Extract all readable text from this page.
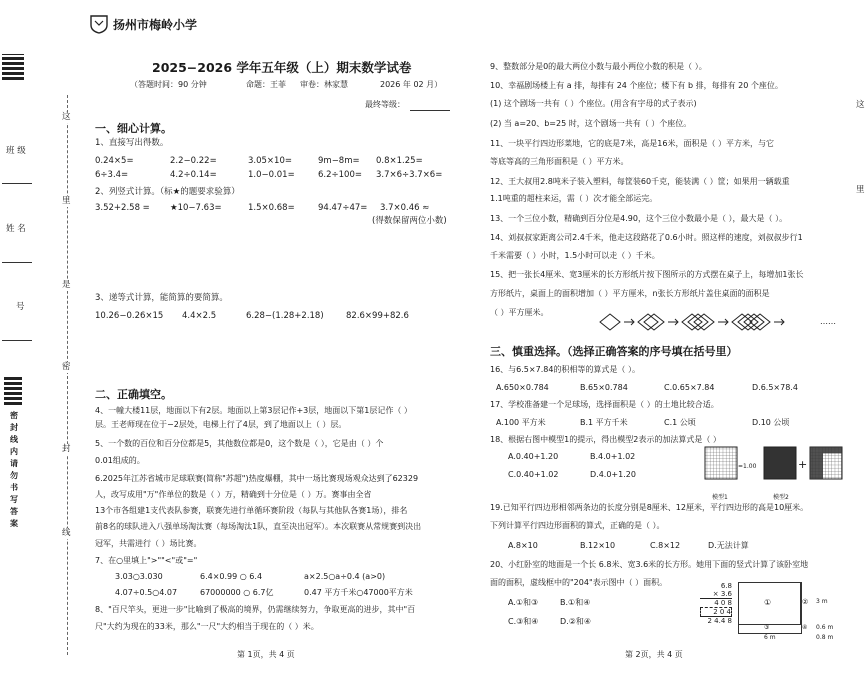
班 级
姓 名
号
密
封
线
内
请
勿
书
写
答
案
这
里
是
密
封
线
扬州市梅岭小学
2025−2026 学年五年级（上）期末数学试卷
（答题时间：90 分钟	命题：王菲 审卷：林家慧	2026 年 02 月）
最终等级：
一、细心计算。
1、直接写出得数。
0.24×5=	2.2−0.22=	3.05×10=	9m−8m= 0.8×1.25=
6÷3.4=	4.2÷0.14=	1.0−0.01=	6.2÷100= 3.7×6÷3.7×6=
2、列竖式计算。（标★的题要求验算）
3.52+2.58 = ★10−7.63=	1.5×0.68=	94.47÷47= 3.7×0.46 ≈
(得数保留两位小数)
3、递等式计算，能简算的要简算。
10.26−0.26×15 4.4×2.5	6.28−(1.28+2.18)	82.6×99+82.6
二、正确填空。
4、一幢大楼11层，地面以下有2层。地面以上第3层记作+3层，地面以下第1层记作（ ）
层。王老师现在位于−2层处，电梯上行了4层，到了地面以上（ ）层。
5、一个数的百位和百分位都是5，其他数位都是0，这个数是（ ），它是由（ ）个
0.01组成的。
6.2025年江苏省城市足球联赛(简称"苏超")热度爆棚，其中一场比赛现场观众达到了62329
人，改写成用"万"作单位的数是（ ）万，精确到十分位是（ ）万。赛事由全省
13个市各组建1支代表队参赛，联赛先进行单循环赛阶段（每队与其他队各赛1场），排名
前8名的球队进入八强单场淘汰赛（每场淘汰1队，直至决出冠军）。本次联赛从常规赛到决出
冠军，共需进行（ ）场比赛。
7、在○里填上">""<"或"="
3.03○3.030	6.4×0.99 ○ 6.4	a×2.5○a÷0.4 (a>0)
4.07÷0.5○4.07	67000000 ○ 6.7亿	0.47 平方千米○47000平方米
8、"百尺竿头，更进一步"比喻到了极高的境界，仍需继续努力，争取更高的进步，其中"百
尺"大约为现在的33米，那么"一尺"大约相当于现在的（ ）米。
第 1页，共 4 页
9、整数部分是0的最大两位小数与最小两位小数的积是（ ）。
10、幸福剧场楼上有 a 排，每排有 24 个座位；楼下有 b 排，每排有 20 个座位。
(1) 这个剧场一共有（ ）个座位。(用含有字母的式子表示)
(2) 当 a=20、b=25 时，这个剧场一共有（ ）个座位。
11、一块平行四边形菜地，它的底是7米，高是16米，面积是（ ）平方米，与它
等底等高的三角形面积是（ ）平方米。
12、王大叔用2.8吨米子装入塑料，每筐装60千克，能装满（ ）筐；如果用一辆载重
1.1吨重的超柱来运，需（ ）次才能全部运完。
13、一个三位小数，精确到百分位是4.90，这个三位小数最小是（ ），最大是（ ）。
14、刘叔叔家距离公司2.4千米，他走这段路花了0.6小时。照这样的速度，刘叔叔步行1
千米需要（ ）小时，1.5小时可以走（ ）千米。
15、把一张长4厘米、宽3厘米的长方形纸片按下图所示的方式摆在桌子上，每增加1张长
方形纸片，桌面上的面积增加（ ）平方厘米，n张长方形纸片盖住桌面的面积是
（ ）平方厘米。
……
三、慎重选择。（选择正确答案的序号填在括号里）
16、与6.5×7.84的积相等的算式是（ ）。
A.650×0.784	B.65×0.784	C.0.65×7.84	D.6.5×78.4
17、学校准备建一个足球场，选择面积是（ ）的土地比较合适。
A.100 平方米	B.1 平方千米	C.1 公顷	D.10 公顷
18、根据右图中模型1的提示，得出模型2表示的加法算式是（ ）
A.0.40+1.20	B.4.0+1.02
C.0.40+1.02	D.4.0+1.20
=1.00	+
模型1	模型2
19.已知平行四边形相邻两条边的长度分别是8厘米、12厘米，平行四边形的高是10厘米。
下列计算平行四边形面积的算式，正确的是（ ）。
A.8×10	B.12×10	C.8×12	D.无法计算
20、小红卧室的地面是一个长 6.8米、宽3.6米的长方形。她用下面的竖式计算了该卧室地
面的面积，虚线框中的"204"表示图中（ ）面积。
A.①和③	B.①和④
C.③和④	D.②和④
6.8
× 3.6
4 0 8
2 0 4
2 4.4 8
①	②
③	④
6 m
3 m
0.6 m
0.8 m
第 2页，共 4 页
这
里
